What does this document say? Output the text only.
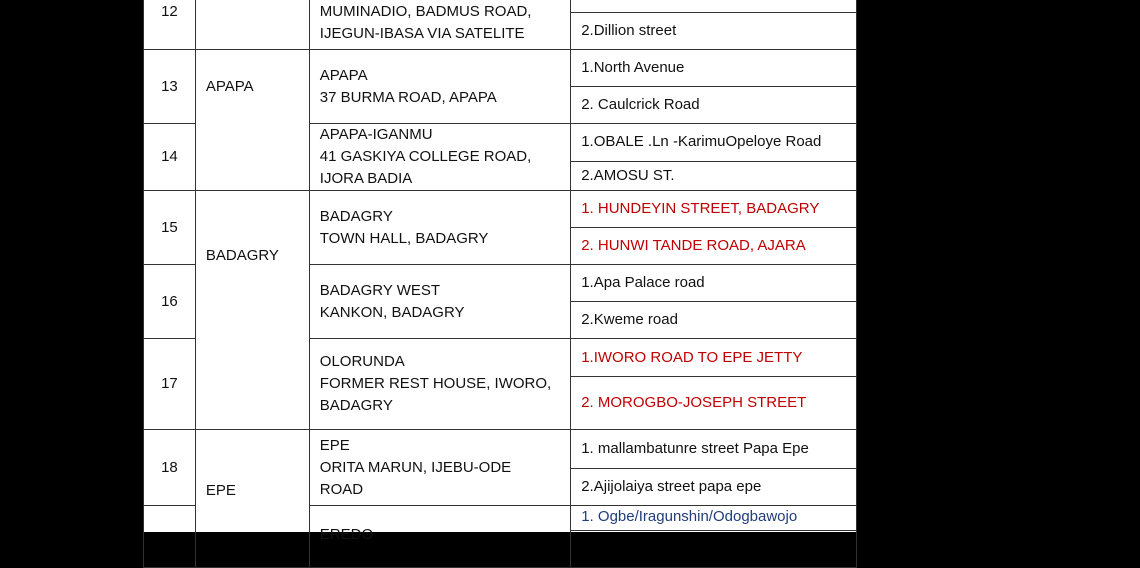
12		MUMINADIO, BADMUS ROAD,
IJEGUN-IBASA VIA SATELITE

			2.Dillion street
13	APAPA	APAPA
37 BURMA ROAD, APAPA	1.North Avenue
			2. Caulcrick Road
14		APAPA-IGANMU
41 GASKIYA COLLEGE ROAD,
IJORA BADIA	1.OBALE .Ln -KarimuOpeloye Road
			2.AMOSU ST.
15	BADAGRY	BADAGRY
TOWN HALL, BADAGRY	1. HUNDEYIN STREET, BADAGRY
			2. HUNWI TANDE ROAD, AJARA
16		BADAGRY WEST
KANKON, BADAGRY	1.Apa Palace road
			2.Kweme road
17		OLORUNDA
FORMER REST HOUSE, IWORO,
BADAGRY	1.IWORO ROAD TO EPE JETTY
			2. MOROGBO-JOSEPH STREET
18	EPE	EPE
ORITA MARUN, IJEBU-ODE
ROAD	1. mallambatunre street Papa Epe
			2.Ajijolaiya street papa epe

		EREDO	1. Ogbe/Iragunshin/Odogbawojo
